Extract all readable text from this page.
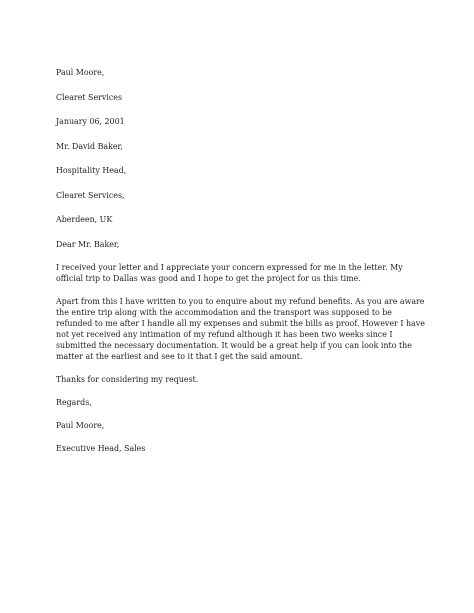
Paul Moore,
Clearet Services
January 06, 2001
Mr. David Baker,
Hospitality Head,
Clearet Services,
Aberdeen, UK
Dear Mr. Baker,
I received your letter and I appreciate your concern expressed for me in the letter. My official trip to Dallas was good and I hope to get the project for us this time.
Apart from this I have written to you to enquire about my refund benefits. As you are aware the entire trip along with the accommodation and the transport was supposed to be refunded to me after I handle all my expenses and submit the bills as proof. However I have not yet received any intimation of my refund although it has been two weeks since I submitted the necessary documentation. It would be a great help if you can look into the matter at the earliest and see to it that I get the said amount.
Thanks for considering my request.
Regards,
Paul Moore,
Executive Head, Sales
